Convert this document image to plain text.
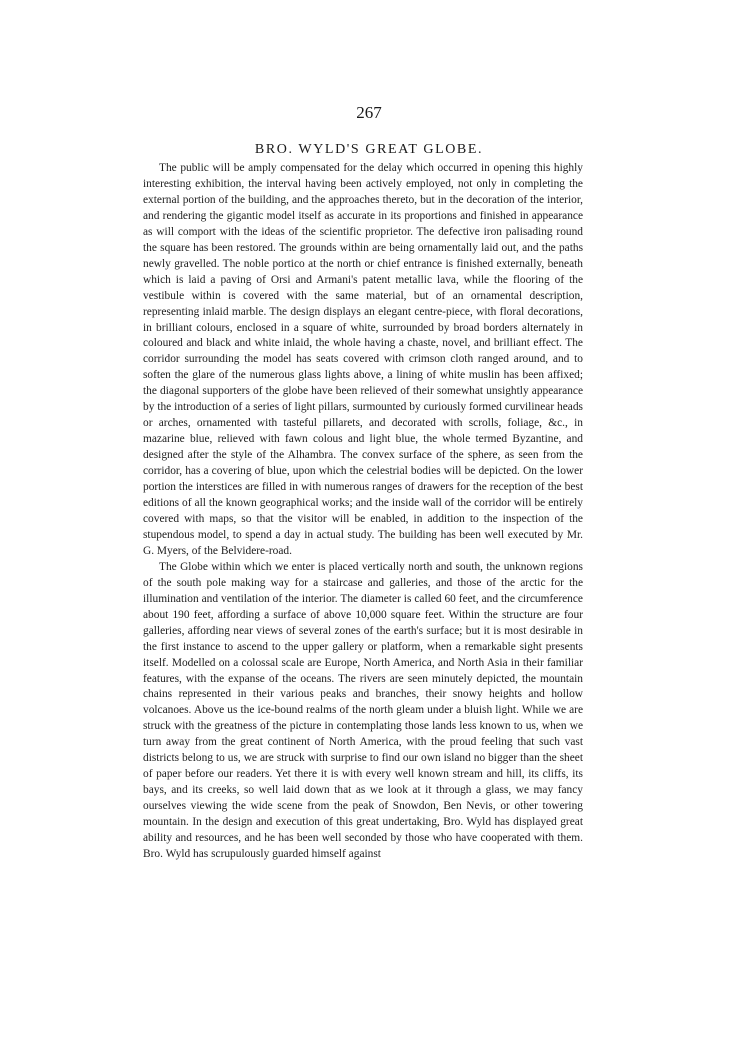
267
BRO. WYLD'S GREAT GLOBE.

The public will be amply compensated for the delay which occurred in opening this highly interesting exhibition, the interval having been actively employed, not only in completing the external portion of the building, and the approaches thereto, but in the decoration of the interior, and rendering the gigantic model itself as accurate in its proportions and finished in appearance as will comport with the ideas of the scientific proprietor. The defective iron palisading round the square has been restored. The grounds within are being ornamentally laid out, and the paths newly gravelled. The noble portico at the north or chief entrance is finished externally, beneath which is laid a paving of Orsi and Armani's patent metallic lava, while the flooring of the vestibule within is covered with the same material, but of an ornamental description, representing inlaid marble. The design displays an elegant centre-piece, with floral decorations, in brilliant colours, enclosed in a square of white, surrounded by broad borders alternately in coloured and black and white inlaid, the whole having a chaste, novel, and brilliant effect. The corridor surrounding the model has seats covered with crimson cloth ranged around, and to soften the glare of the numerous glass lights above, a lining of white muslin has been affixed; the diagonal supporters of the globe have been relieved of their somewhat unsightly appearance by the introduction of a series of light pillars, surmounted by curiously formed curvilinear heads or arches, ornamented with tasteful pillarets, and decorated with scrolls, foliage, &c., in mazarine blue, relieved with fawn colous and light blue, the whole termed Byzantine, and designed after the style of the Alhambra. The convex surface of the sphere, as seen from the corridor, has a covering of blue, upon which the celestrial bodies will be depicted. On the lower portion the interstices are filled in with numerous ranges of drawers for the reception of the best editions of all the known geographical works; and the inside wall of the corridor will be entirely covered with maps, so that the visitor will be enabled, in addition to the inspection of the stupendous model, to spend a day in actual study. The building has been well executed by Mr. G. Myers, of the Belvidere-road.

The Globe within which we enter is placed vertically north and south, the unknown regions of the south pole making way for a staircase and galleries, and those of the arctic for the illumination and ventilation of the interior. The diameter is called 60 feet, and the circumference about 190 feet, affording a surface of above 10,000 square feet. Within the structure are four galleries, affording near views of several zones of the earth's surface; but it is most desirable in the first instance to ascend to the upper gallery or platform, when a remarkable sight presents itself. Modelled on a colossal scale are Europe, North America, and North Asia in their familiar features, with the expanse of the oceans. The rivers are seen minutely depicted, the mountain chains represented in their various peaks and branches, their snowy heights and hollow volcanoes. Above us the ice-bound realms of the north gleam under a bluish light. While we are struck with the greatness of the picture in contemplating those lands less known to us, when we turn away from the great continent of North America, with the proud feeling that such vast districts belong to us, we are struck with surprise to find our own island no bigger than the sheet of paper before our readers. Yet there it is with every well known stream and hill, its cliffs, its bays, and its creeks, so well laid down that as we look at it through a glass, we may fancy ourselves viewing the wide scene from the peak of Snowdon, Ben Nevis, or other towering mountain. In the design and execution of this great undertaking, Bro. Wyld has displayed great ability and resources, and he has been well seconded by those who have cooperated with them. Bro. Wyld has scrupulously guarded himself against
